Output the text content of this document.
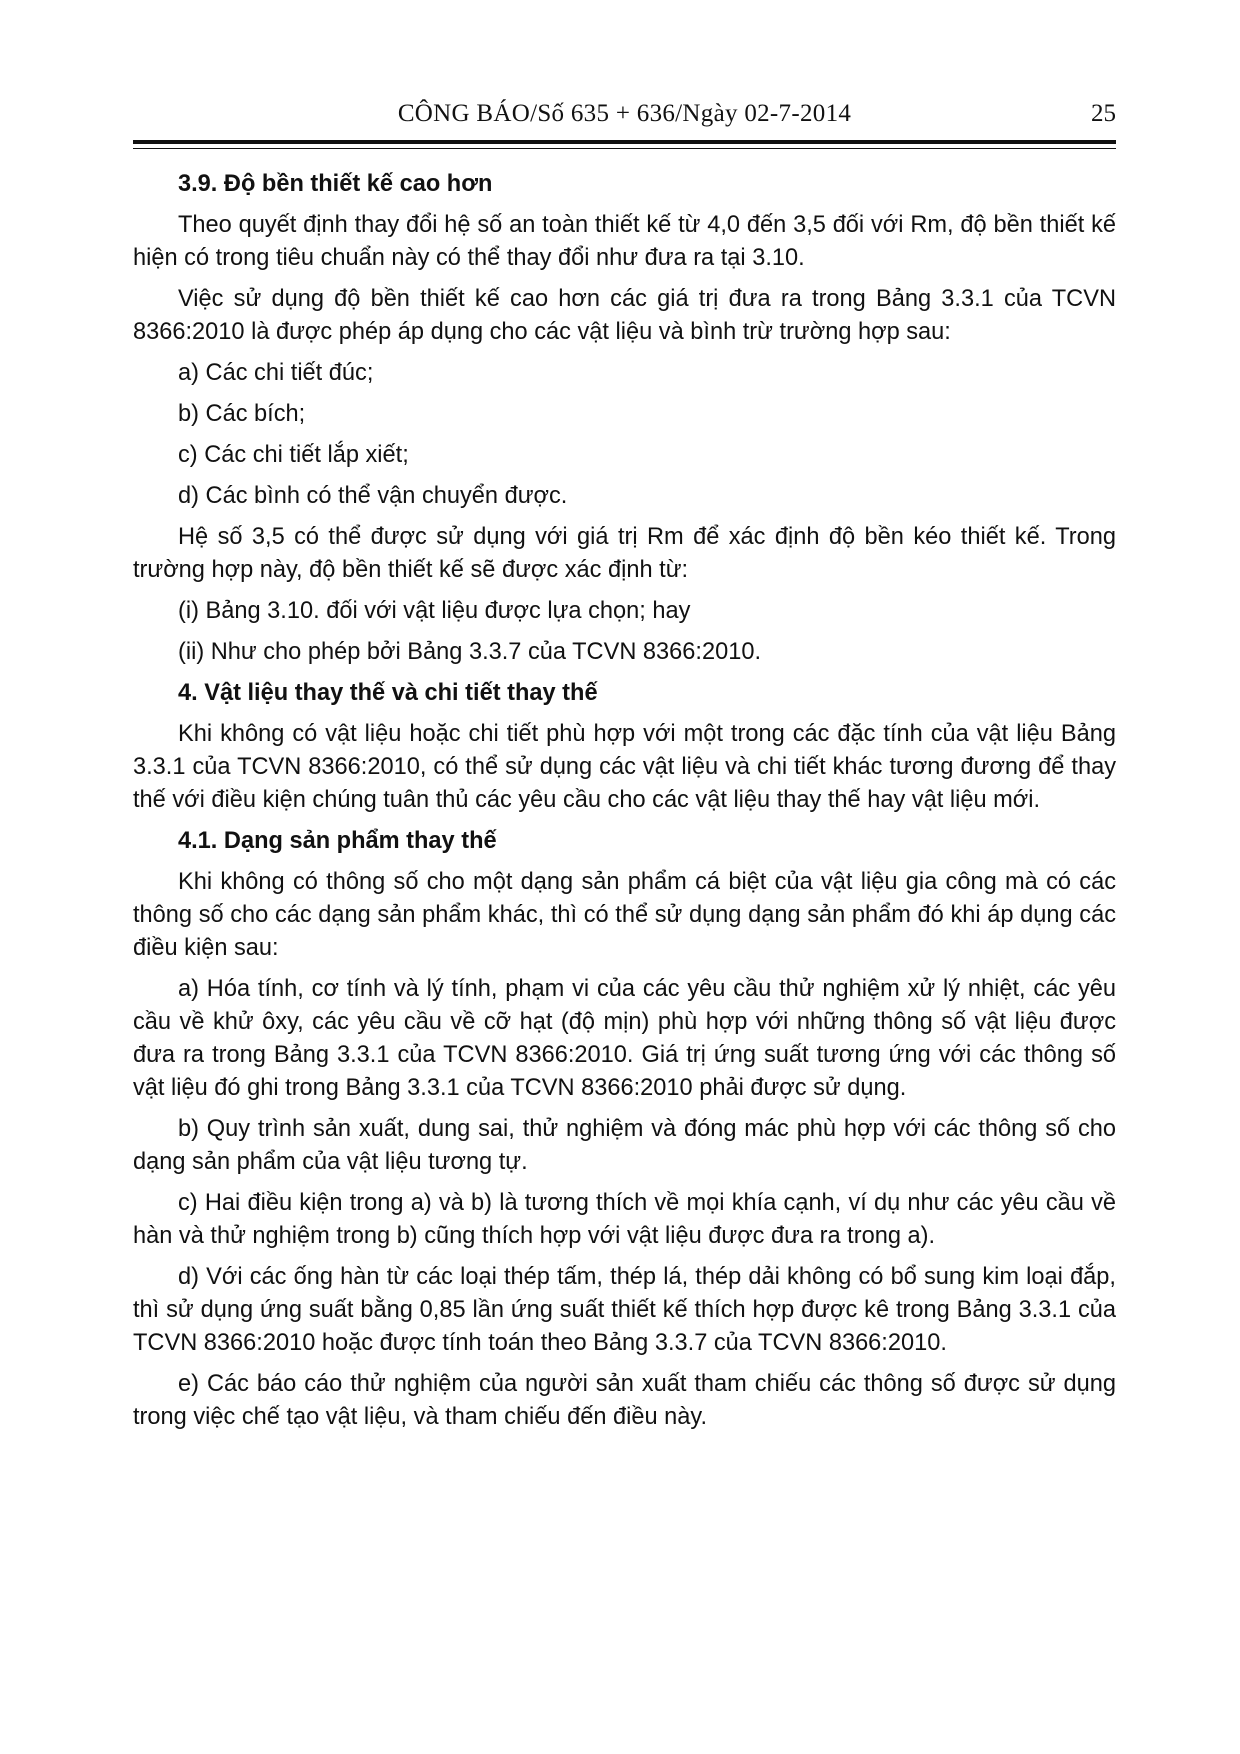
CÔNG BÁO/Số 635 + 636/Ngày 02-7-2014	25

3.9. Độ bền thiết kế cao hơn

Theo quyết định thay đổi hệ số an toàn thiết kế từ 4,0 đến 3,5 đối với Rm, độ bền thiết kế hiện có trong tiêu chuẩn này có thể thay đổi như đưa ra tại 3.10.

Việc sử dụng độ bền thiết kế cao hơn các giá trị đưa ra trong Bảng 3.3.1 của TCVN 8366:2010 là được phép áp dụng cho các vật liệu và bình trừ trường hợp sau:

a) Các chi tiết đúc;

b) Các bích;

c) Các chi tiết lắp xiết;

d) Các bình có thể vận chuyển được.

Hệ số 3,5 có thể được sử dụng với giá trị Rm để xác định độ bền kéo thiết kế. Trong trường hợp này, độ bền thiết kế sẽ được xác định từ:

(i) Bảng 3.10. đối với vật liệu được lựa chọn; hay

(ii) Như cho phép bởi Bảng 3.3.7 của TCVN 8366:2010.

4. Vật liệu thay thế và chi tiết thay thế

Khi không có vật liệu hoặc chi tiết phù hợp với một trong các đặc tính của vật liệu Bảng 3.3.1 của TCVN 8366:2010, có thể sử dụng các vật liệu và chi tiết khác tương đương để thay thế với điều kiện chúng tuân thủ các yêu cầu cho các vật liệu thay thế hay vật liệu mới.

4.1. Dạng sản phẩm thay thế

Khi không có thông số cho một dạng sản phẩm cá biệt của vật liệu gia công mà có các thông số cho các dạng sản phẩm khác, thì có thể sử dụng dạng sản phẩm đó khi áp dụng các điều kiện sau:

a) Hóa tính, cơ tính và lý tính, phạm vi của các yêu cầu thử nghiệm xử lý nhiệt, các yêu cầu về khử ôxy, các yêu cầu về cỡ hạt (độ mịn) phù hợp với những thông số vật liệu được đưa ra trong Bảng 3.3.1 của TCVN 8366:2010. Giá trị ứng suất tương ứng với các thông số vật liệu đó ghi trong Bảng 3.3.1 của TCVN 8366:2010 phải được sử dụng.

b) Quy trình sản xuất, dung sai, thử nghiệm và đóng mác phù hợp với các thông số cho dạng sản phẩm của vật liệu tương tự.

c) Hai điều kiện trong a) và b) là tương thích về mọi khía cạnh, ví dụ như các yêu cầu về hàn và thử nghiệm trong b) cũng thích hợp với vật liệu được đưa ra trong a).

d) Với các ống hàn từ các loại thép tấm, thép lá, thép dải không có bổ sung kim loại đắp, thì sử dụng ứng suất bằng 0,85 lần ứng suất thiết kế thích hợp được kê trong Bảng 3.3.1 của TCVN 8366:2010 hoặc được tính toán theo Bảng 3.3.7 của TCVN 8366:2010.

e) Các báo cáo thử nghiệm của người sản xuất tham chiếu các thông số được sử dụng trong việc chế tạo vật liệu, và tham chiếu đến điều này.
